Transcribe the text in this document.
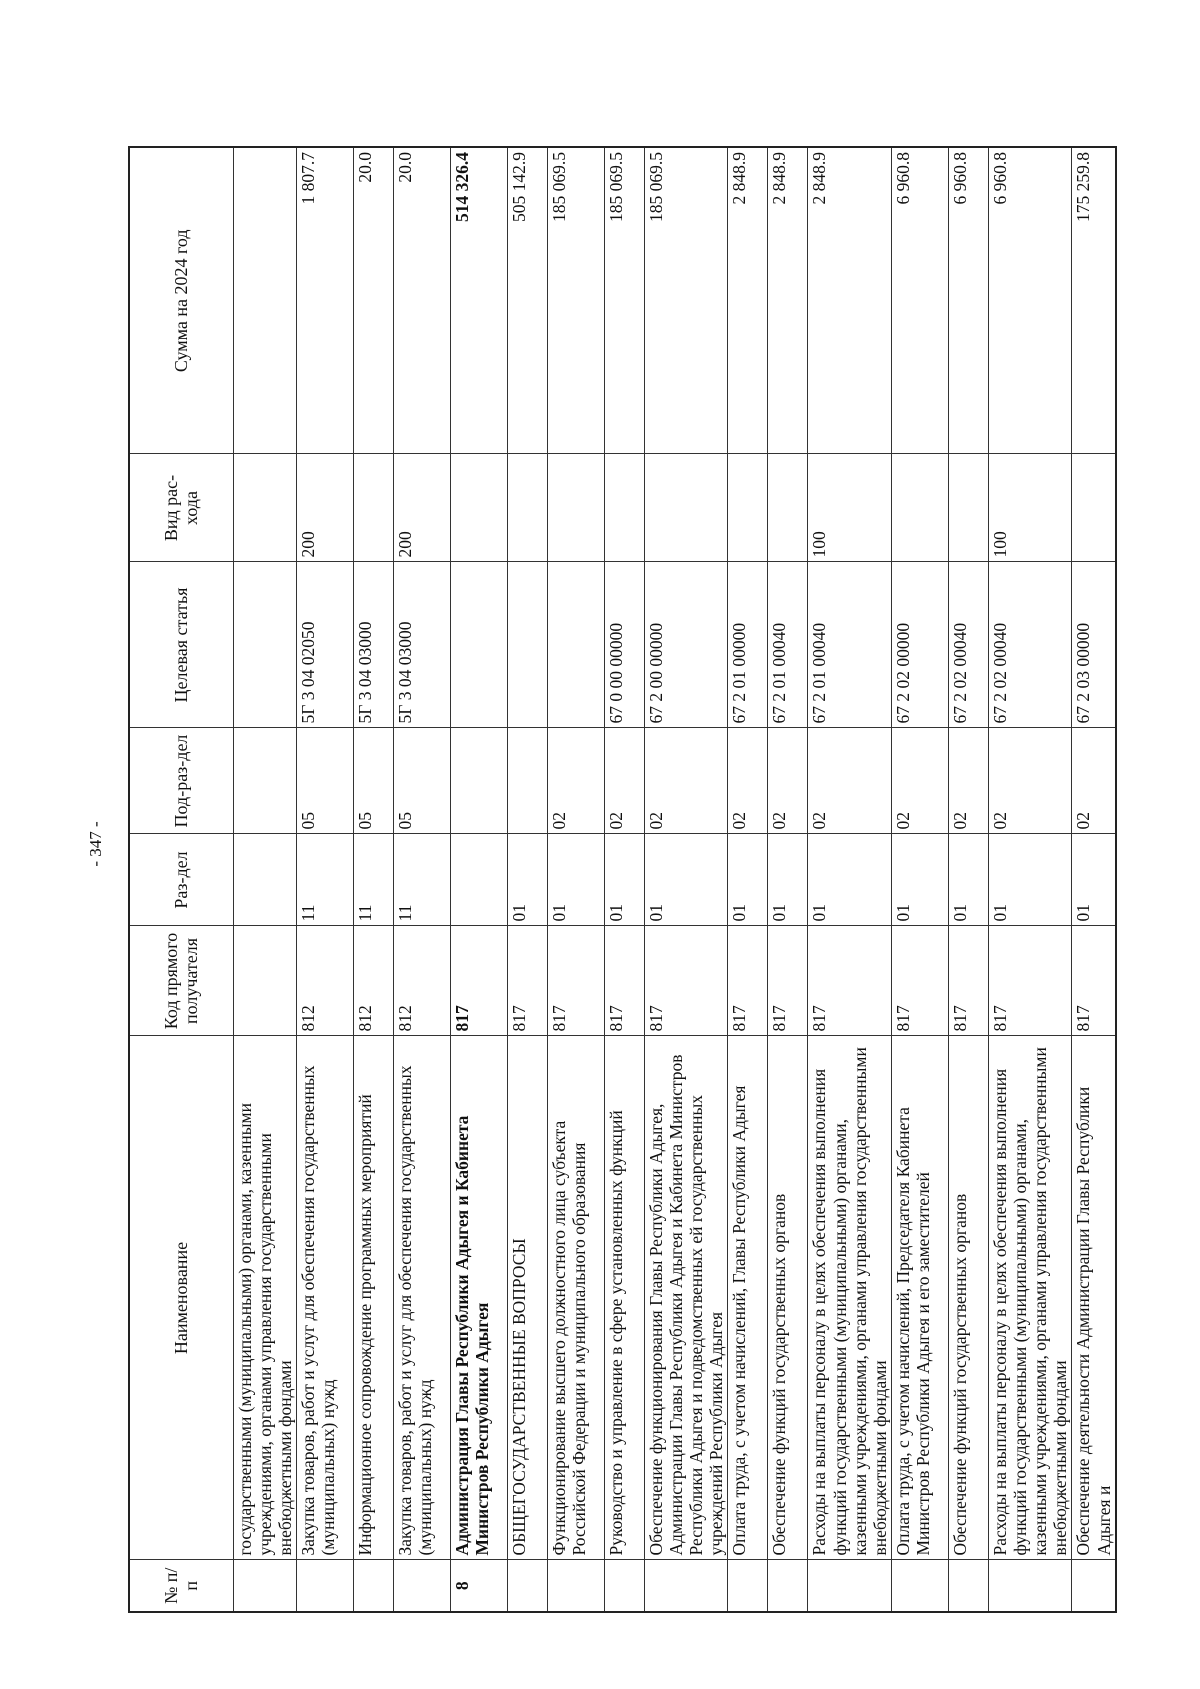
- 347 -
№ п/п	Наименование	Код прямого получателя	Раз-дел	Под-раз-дел	Целевая статья	Вид рас-хода	Сумма на 2024 год
	государственными (муниципальными) органами, казенными учреждениями, органами управления государственными внебюджетными фондами						
	Закупка товаров, работ и услуг для обеспечения государственных (муниципальных) нужд	812	11	05	5Г 3 04 02050	200	1 807.7
	Информационное сопровождение программных мероприятий	812	11	05	5Г 3 04 03000		20.0
	Закупка товаров, работ и услуг для обеспечения государственных (муниципальных) нужд	812	11	05	5Г 3 04 03000	200	20.0
8	Администрация Главы Республики Адыгея и Кабинета Министров Республики Адыгея	817					514 326.4
	ОБЩЕГОСУДАРСТВЕННЫЕ ВОПРОСЫ	817	01				505 142.9
	Функционирование высшего должностного лица субъекта Российской Федерации и муниципального образования	817	01	02			185 069.5
	Руководство и управление в сфере установленных функций	817	01	02	67 0 00 00000		185 069.5
	Обеспечение функционирования Главы Республики Адыгея, Администрации Главы Республики Адыгея и Кабинета Министров Республики Адыгея и подведомственных ей государственных учреждений Республики Адыгея	817	01	02	67 2 00 00000		185 069.5
	Оплата труда, с учетом начислений, Главы Республики Адыгея	817	01	02	67 2 01 00000		2 848.9
	Обеспечение функций государственных органов	817	01	02	67 2 01 00040		2 848.9
	Расходы на выплаты персоналу в целях обеспечения выполнения функций государственными (муниципальными) органами, казенными учреждениями, органами управления государственными внебюджетными фондами	817	01	02	67 2 01 00040	100	2 848.9
	Оплата труда, с учетом начислений, Председателя Кабинета Министров Республики Адыгея и его заместителей	817	01	02	67 2 02 00000		6 960.8
	Обеспечение функций государственных органов	817	01	02	67 2 02 00040		6 960.8
	Расходы на выплаты персоналу в целях обеспечения выполнения функций государственными (муниципальными) органами, казенными учреждениями, органами управления государственными внебюджетными фондами	817	01	02	67 2 02 00040	100	6 960.8
	Обеспечение деятельности Администрации Главы Республики Адыгея и	817	01	02	67 2 03 00000		175 259.8
